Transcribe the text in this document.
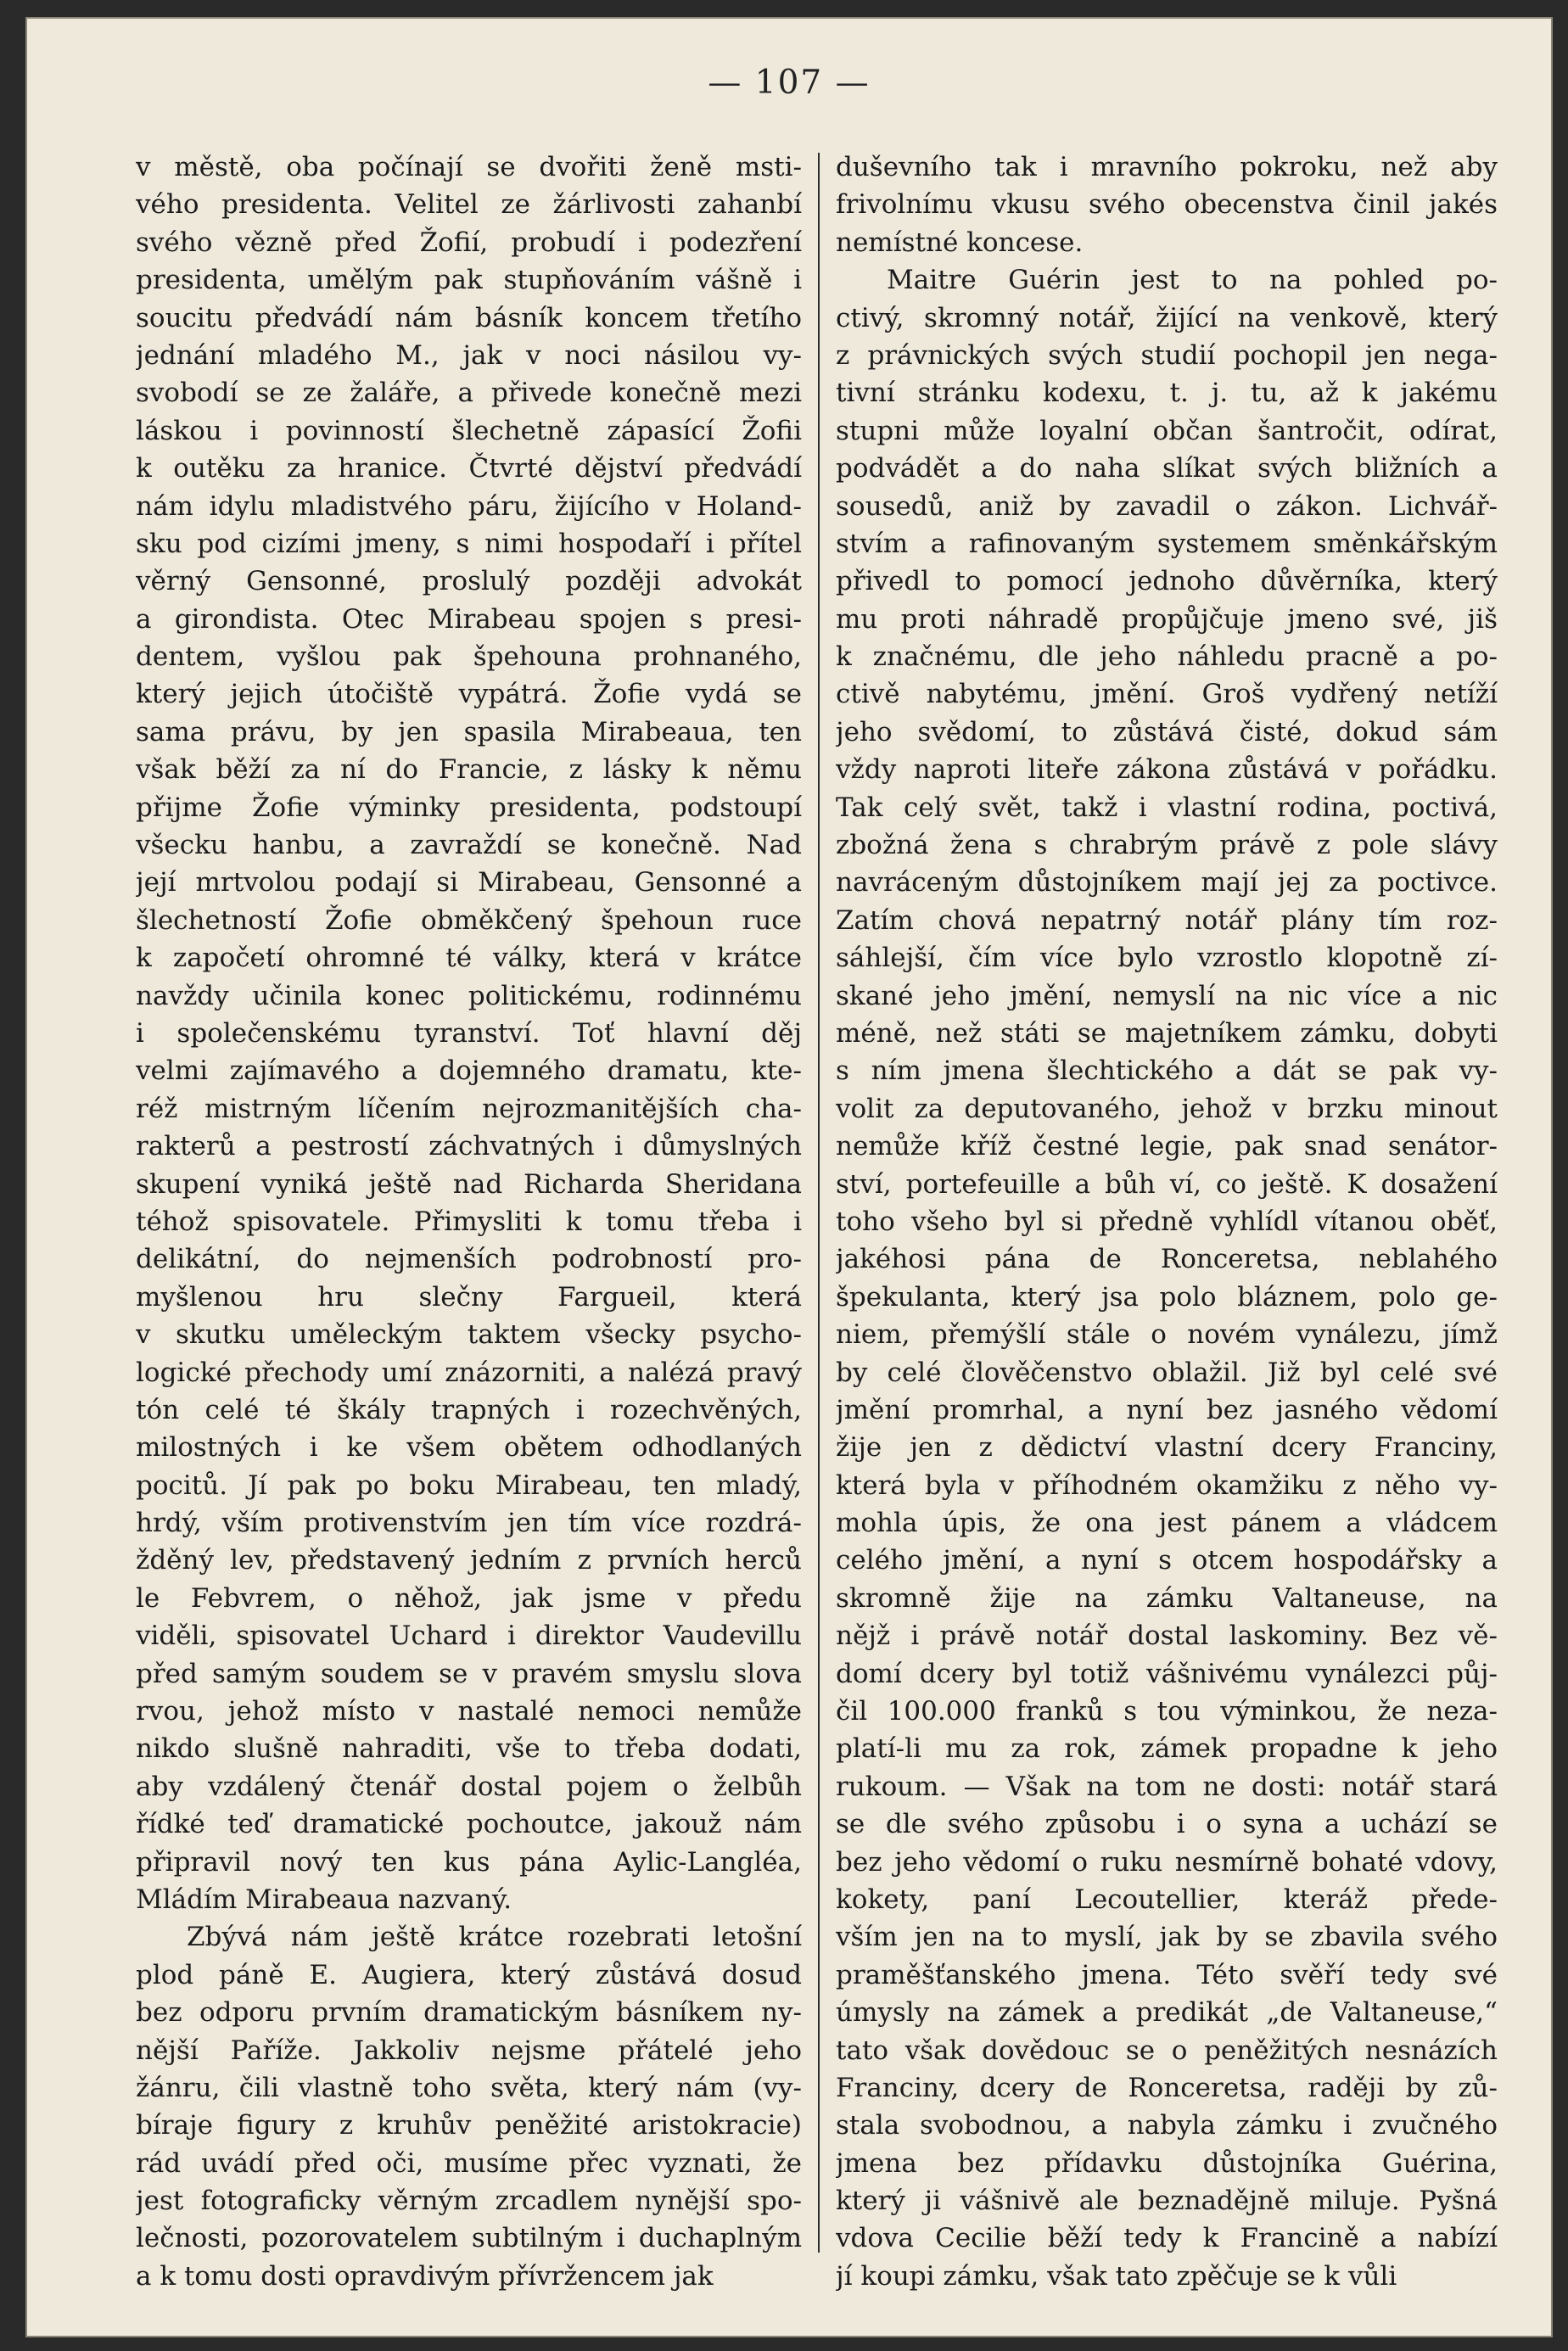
— 107 —
v městě, oba počínají se dvořiti ženě msti-
vého presidenta. Velitel ze žárlivosti zahanbí
svého vězně před Žofií, probudí i podezření
presidenta, umělým pak stupňováním vášně i
soucitu předvádí nám básník koncem třetího
jednání mladého M., jak v noci násilou vy-
svobodí se ze žaláře, a přivede konečně mezi
láskou i povinností šlechetně zápasící Žofii
k outěku za hranice. Čtvrté dějství předvádí
nám idylu mladistvého páru, žijícího v Holand-
sku pod cizími jmeny, s nimi hospodaří i přítel
věrný Gensonné, proslulý později advokát
a girondista. Otec Mirabeau spojen s presi-
dentem, vyšlou pak špehouna prohnaného,
který jejich útočiště vypátrá. Žofie vydá se
sama právu, by jen spasila Mirabeaua, ten
však běží za ní do Francie, z lásky k němu
přijme Žofie výminky presidenta, podstoupí
všecku hanbu, a zavraždí se konečně. Nad
její mrtvolou podají si Mirabeau, Gensonné a
šlechetností Žofie obměkčený špehoun ruce
k započetí ohromné té války, která v krátce
navždy učinila konec politickému, rodinnému
i společenskému tyranství. Toť hlavní děj
velmi zajímavého a dojemného dramatu, kte-
réž mistrným líčením nejrozmanitějších cha-
rakterů a pestrostí záchvatných i důmyslných
skupení vyniká ještě nad Richarda Sheridana
téhož spisovatele. Přimysliti k tomu třeba i
delikátní, do nejmenších podrobností pro-
myšlenou hru slečny Fargueil, která
v skutku uměleckým taktem všecky psycho-
logické přechody umí znázorniti, a nalézá pravý
tón celé té škály trapných i rozechvěných,
milostných i ke všem obětem odhodlaných
pocitů. Jí pak po boku Mirabeau, ten mladý,
hrdý, vším protivenstvím jen tím více rozdrá-
žděný lev, představený jedním z prvních herců
le Febvrem, o něhož, jak jsme v předu
viděli, spisovatel Uchard i direktor Vaudevillu
před samým soudem se v pravém smyslu slova
rvou, jehož místo v nastalé nemoci nemůže
nikdo slušně nahraditi, vše to třeba dodati,
aby vzdálený čtenář dostal pojem o želbůh
řídké teď dramatické pochoutce, jakouž nám
připravil nový ten kus pána Aylic-Langléa,
Mládím Mirabeaua nazvaný.
Zbývá nám ještě krátce rozebrati letošní
plod páně E. Augiera, který zůstává dosud
bez odporu prvním dramatickým básníkem ny-
nější Paříže. Jakkoliv nejsme přátelé jeho
žánru, čili vlastně toho světa, který nám (vy-
bíraje figury z kruhův peněžité aristokracie)
rád uvádí před oči, musíme přec vyznati, že
jest fotograficky věrným zrcadlem nynější spo-
lečnosti, pozorovatelem subtilným i duchaplným
a k tomu dosti opravdivým přívržencem jak
duševního tak i mravního pokroku, než aby
frivolnímu vkusu svého obecenstva činil jakés
nemístné koncese.
Maitre Guérin jest to na pohled po-
ctivý, skromný notář, žijící na venkově, který
z právnických svých studií pochopil jen nega-
tivní stránku kodexu, t. j. tu, až k jakému
stupni může loyalní občan šantročit, odírat,
podvádět a do naha slíkat svých bližních a
sousedů, aniž by zavadil o zákon. Lichvář-
stvím a rafinovaným systemem směnkářským
přivedl to pomocí jednoho důvěrníka, který
mu proti náhradě propůjčuje jmeno své, jiš
k značnému, dle jeho náhledu pracně a po-
ctivě nabytému, jmění. Groš vydřený netíží
jeho svědomí, to zůstává čisté, dokud sám
vždy naproti liteře zákona zůstává v pořádku.
Tak celý svět, takž i vlastní rodina, poctivá,
zbožná žena s chrabrým právě z pole slávy
navráceným důstojníkem mají jej za poctivce.
Zatím chová nepatrný notář plány tím roz-
sáhlejší, čím více bylo vzrostlo klopotně zí-
skané jeho jmění, nemyslí na nic více a nic
méně, než státi se majetníkem zámku, dobyti
s ním jmena šlechtického a dát se pak vy-
volit za deputovaného, jehož v brzku minout
nemůže kříž čestné legie, pak snad senátor-
ství, portefeuille a bůh ví, co ještě. K dosažení
toho všeho byl si předně vyhlídl vítanou oběť,
jakéhosi pána de Ronceretsa, neblahého
špekulanta, který jsa polo bláznem, polo ge-
niem, přemýšlí stále o novém vynálezu, jímž
by celé člověčenstvo oblažil. Již byl celé své
jmění promrhal, a nyní bez jasného vědomí
žije jen z dědictví vlastní dcery Franciny,
která byla v příhodném okamžiku z něho vy-
mohla úpis, že ona jest pánem a vládcem
celého jmění, a nyní s otcem hospodářsky a
skromně žije na zámku Valtaneuse, na
nějž i právě notář dostal laskominy. Bez vě-
domí dcery byl totiž vášnivému vynálezci půj-
čil 100.000 franků s tou výminkou, že neza-
platí-li mu za rok, zámek propadne k jeho
rukoum. — Však na tom ne dosti: notář stará
se dle svého způsobu i o syna a uchází se
bez jeho vědomí o ruku nesmírně bohaté vdovy,
kokety, paní Lecoutellier, kteráž přede-
vším jen na to myslí, jak by se zbavila svého
praměšťanského jmena. Této svěří tedy své
úmysly na zámek a predikát „de Valtaneuse,“
tato však dovědouc se o peněžitých nesnázích
Franciny, dcery de Ronceretsa, raději by zů-
stala svobodnou, a nabyla zámku i zvučného
jmena bez přídavku důstojníka Guérina,
který ji vášnivě ale beznadějně miluje. Pyšná
vdova Cecilie běží tedy k Francině a nabízí
jí koupi zámku, však tato zpěčuje se k vůli
